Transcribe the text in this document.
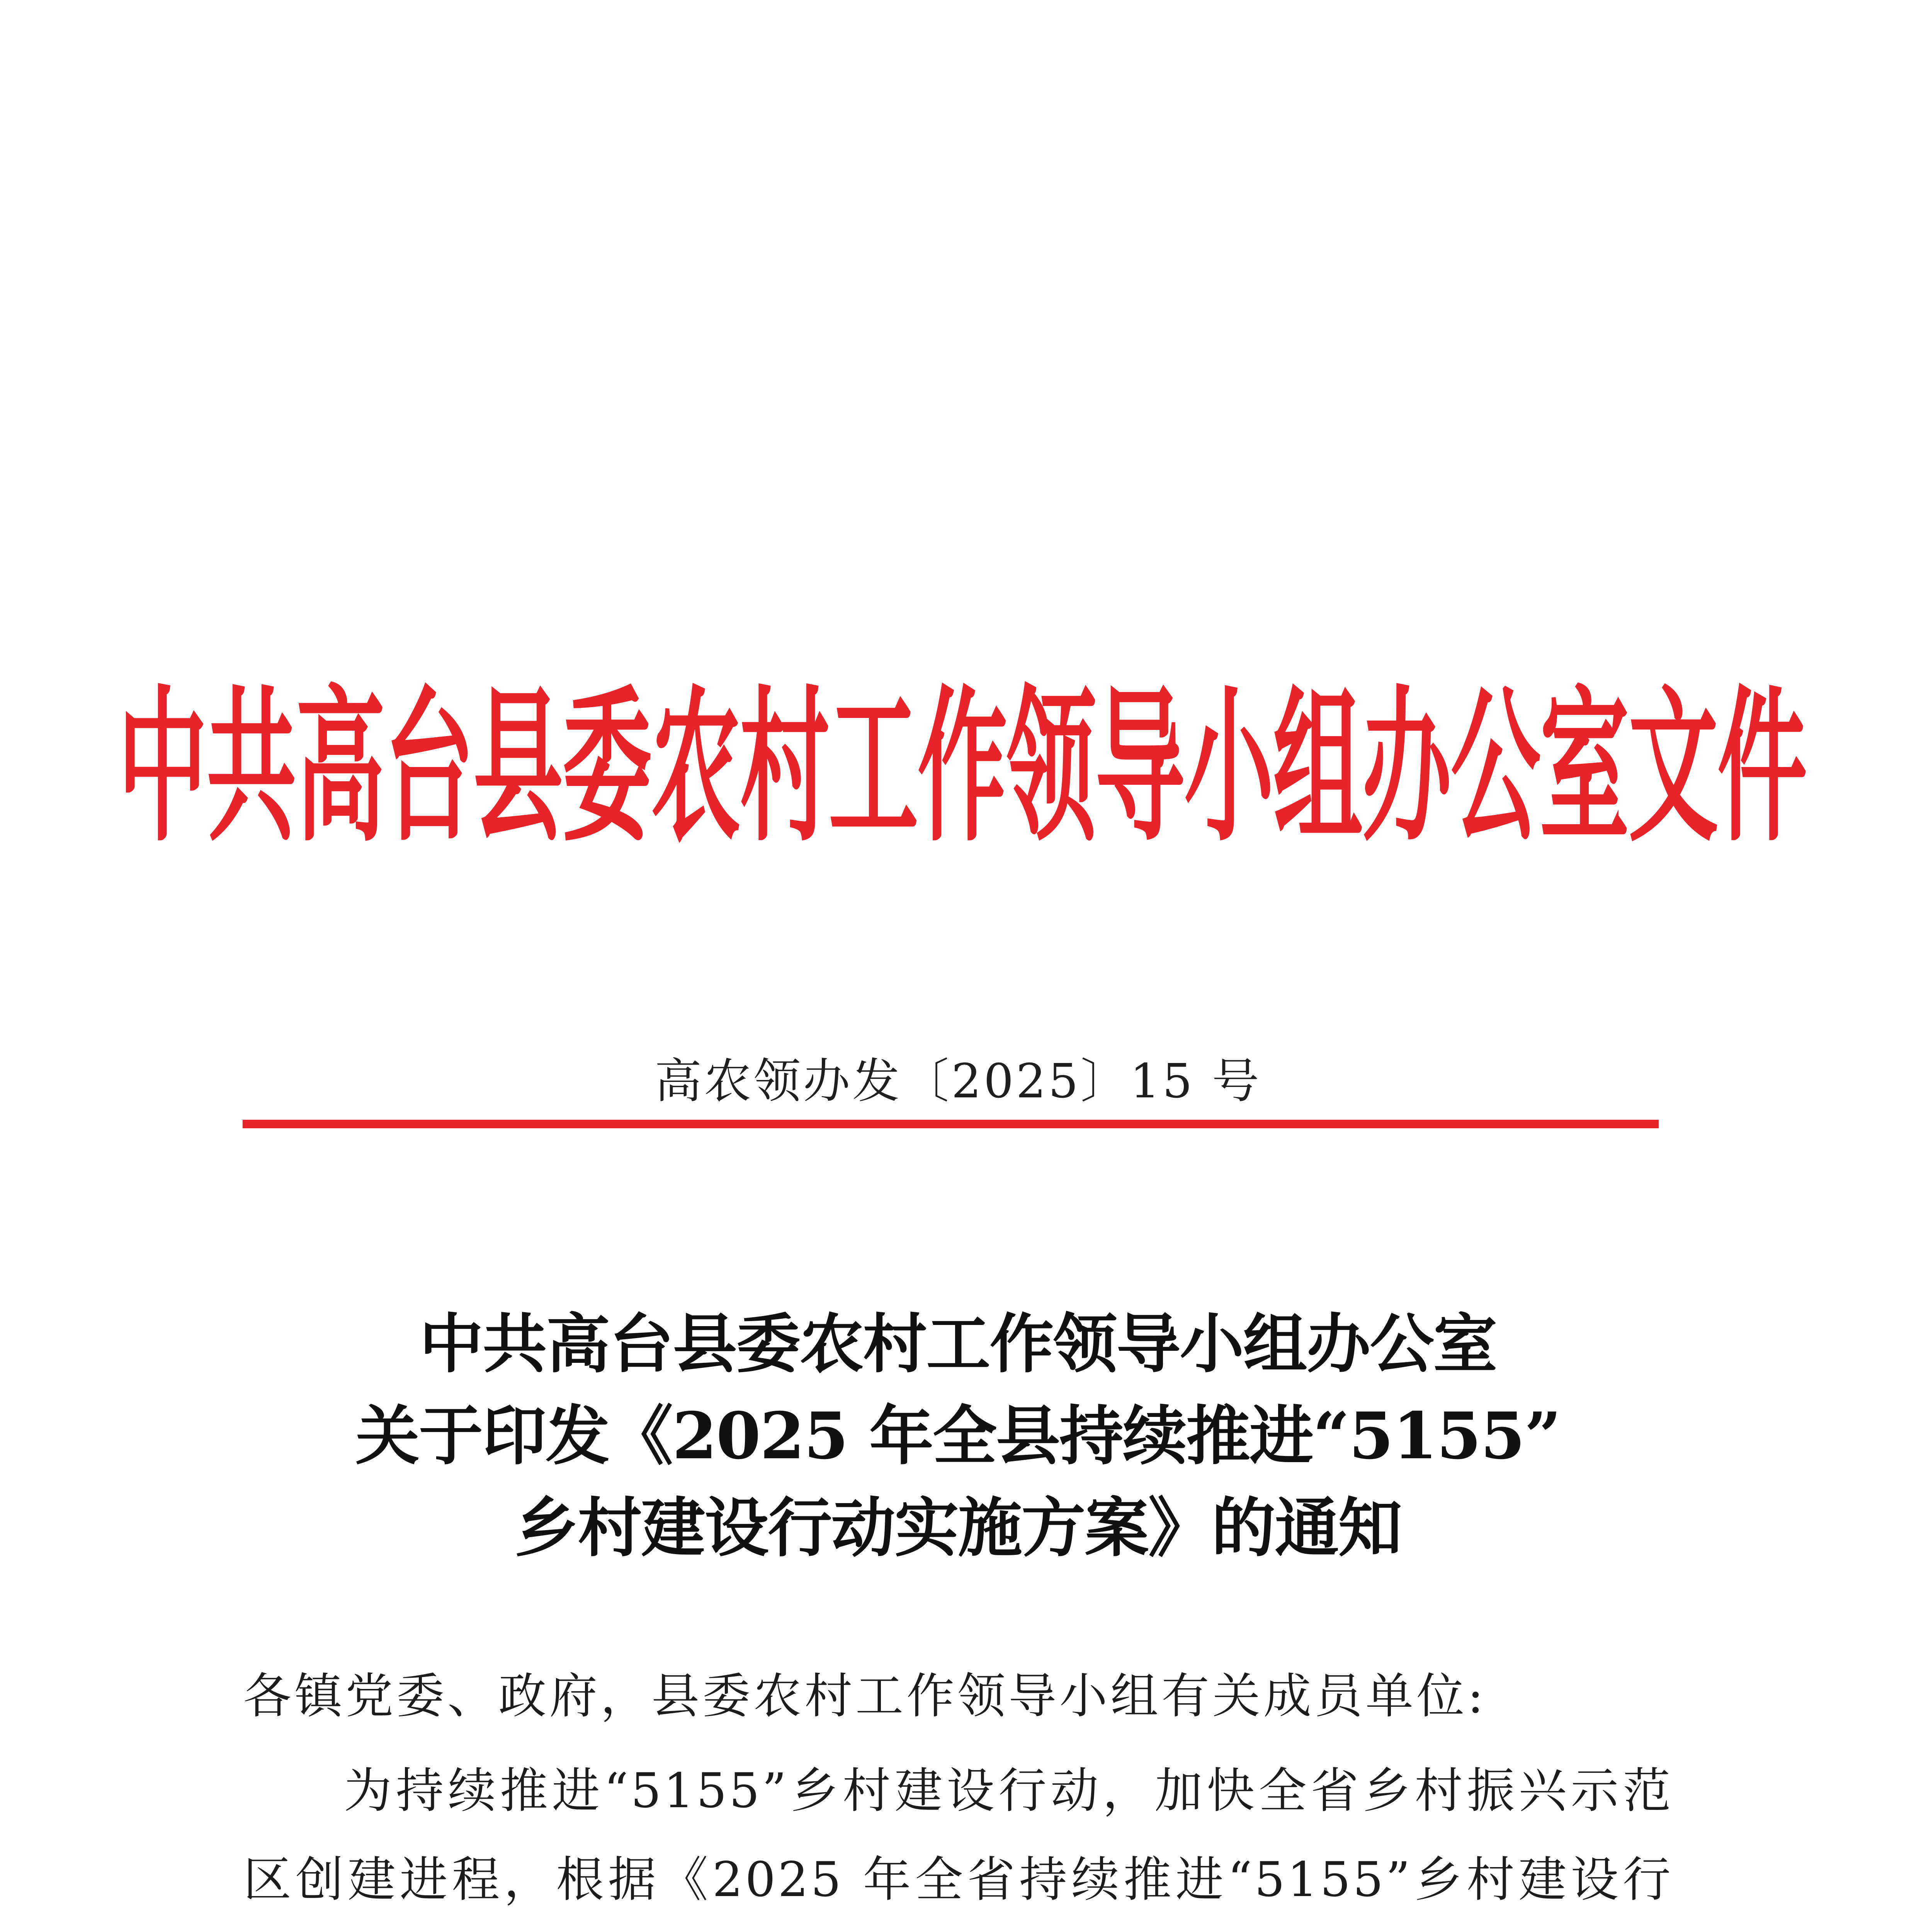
中共高台县委农村工作领导小组办公室文件
高农领办发〔2025〕15 号
中共高台县委农村工作领导小组办公室
关于印发《2025 年全县持续推进“5155”
乡村建设行动实施方案》的通知
各镇党委、政府，县委农村工作领导小组有关成员单位:
为持续推进“5155”乡村建设行动，加快全省乡村振兴示范
区创建进程，根据《2025 年全省持续推进“5155”乡村建设行
